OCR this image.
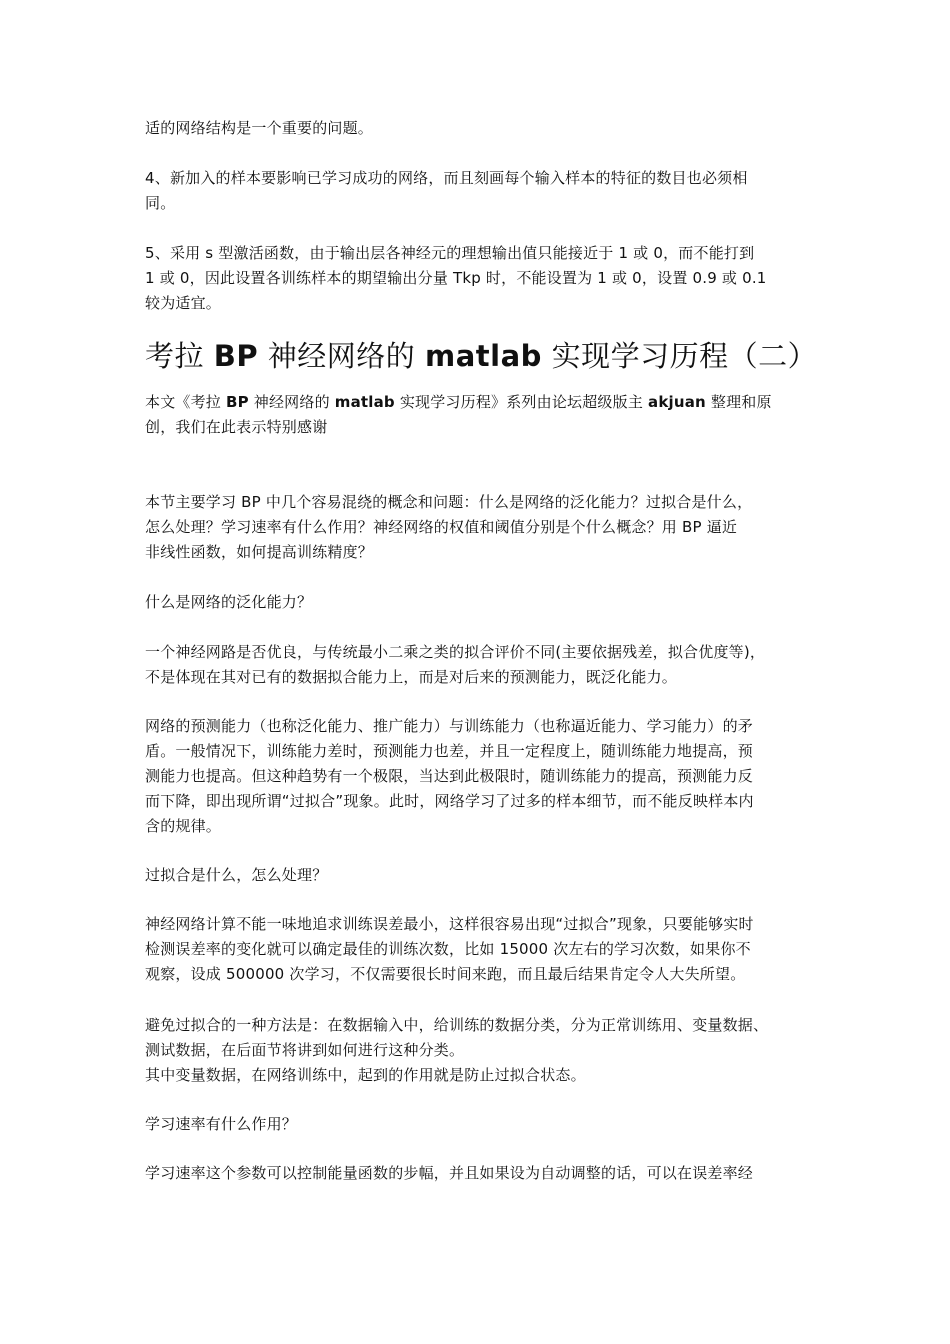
适的网络结构是一个重要的问题。

4、新加入的样本要影响已学习成功的网络，而且刻画每个输入样本的特征的数目也必须相
同。

5、采用 s 型激活函数，由于输出层各神经元的理想输出值只能接近于 1 或 0，而不能打到
1 或 0，因此设置各训练样本的期望输出分量 Tkp 时，不能设置为 1 或 0，设置 0.9 或 0.1
较为适宜。

考拉 BP 神经网络的 matlab 实现学习历程（二）

本文《考拉 BP 神经网络的 matlab 实现学习历程》系列由论坛超级版主 akjuan 整理和原
创，我们在此表示特别感谢

本节主要学习 BP 中几个容易混绕的概念和问题：什么是网络的泛化能力？过拟合是什么，
怎么处理？学习速率有什么作用？神经网络的权值和阈值分别是个什么概念？用 BP 逼近
非线性函数，如何提高训练精度？

什么是网络的泛化能力？

一个神经网路是否优良，与传统最小二乘之类的拟合评价不同(主要依据残差，拟合优度等)，
不是体现在其对已有的数据拟合能力上，而是对后来的预测能力，既泛化能力。

网络的预测能力（也称泛化能力、推广能力）与训练能力（也称逼近能力、学习能力）的矛
盾。一般情况下，训练能力差时，预测能力也差，并且一定程度上，随训练能力地提高，预
测能力也提高。但这种趋势有一个极限，当达到此极限时，随训练能力的提高，预测能力反
而下降，即出现所谓“过拟合”现象。此时，网络学习了过多的样本细节，而不能反映样本内
含的规律。

过拟合是什么，怎么处理？

神经网络计算不能一味地追求训练误差最小，这样很容易出现“过拟合”现象，只要能够实时
检测误差率的变化就可以确定最佳的训练次数，比如 15000 次左右的学习次数，如果你不
观察，设成 500000 次学习，不仅需要很长时间来跑，而且最后结果肯定令人大失所望。

避免过拟合的一种方法是：在数据输入中，给训练的数据分类，分为正常训练用、变量数据、
测试数据，在后面节将讲到如何进行这种分类。
其中变量数据，在网络训练中，起到的作用就是防止过拟合状态。

学习速率有什么作用？

学习速率这个参数可以控制能量函数的步幅，并且如果设为自动调整的话，可以在误差率经
